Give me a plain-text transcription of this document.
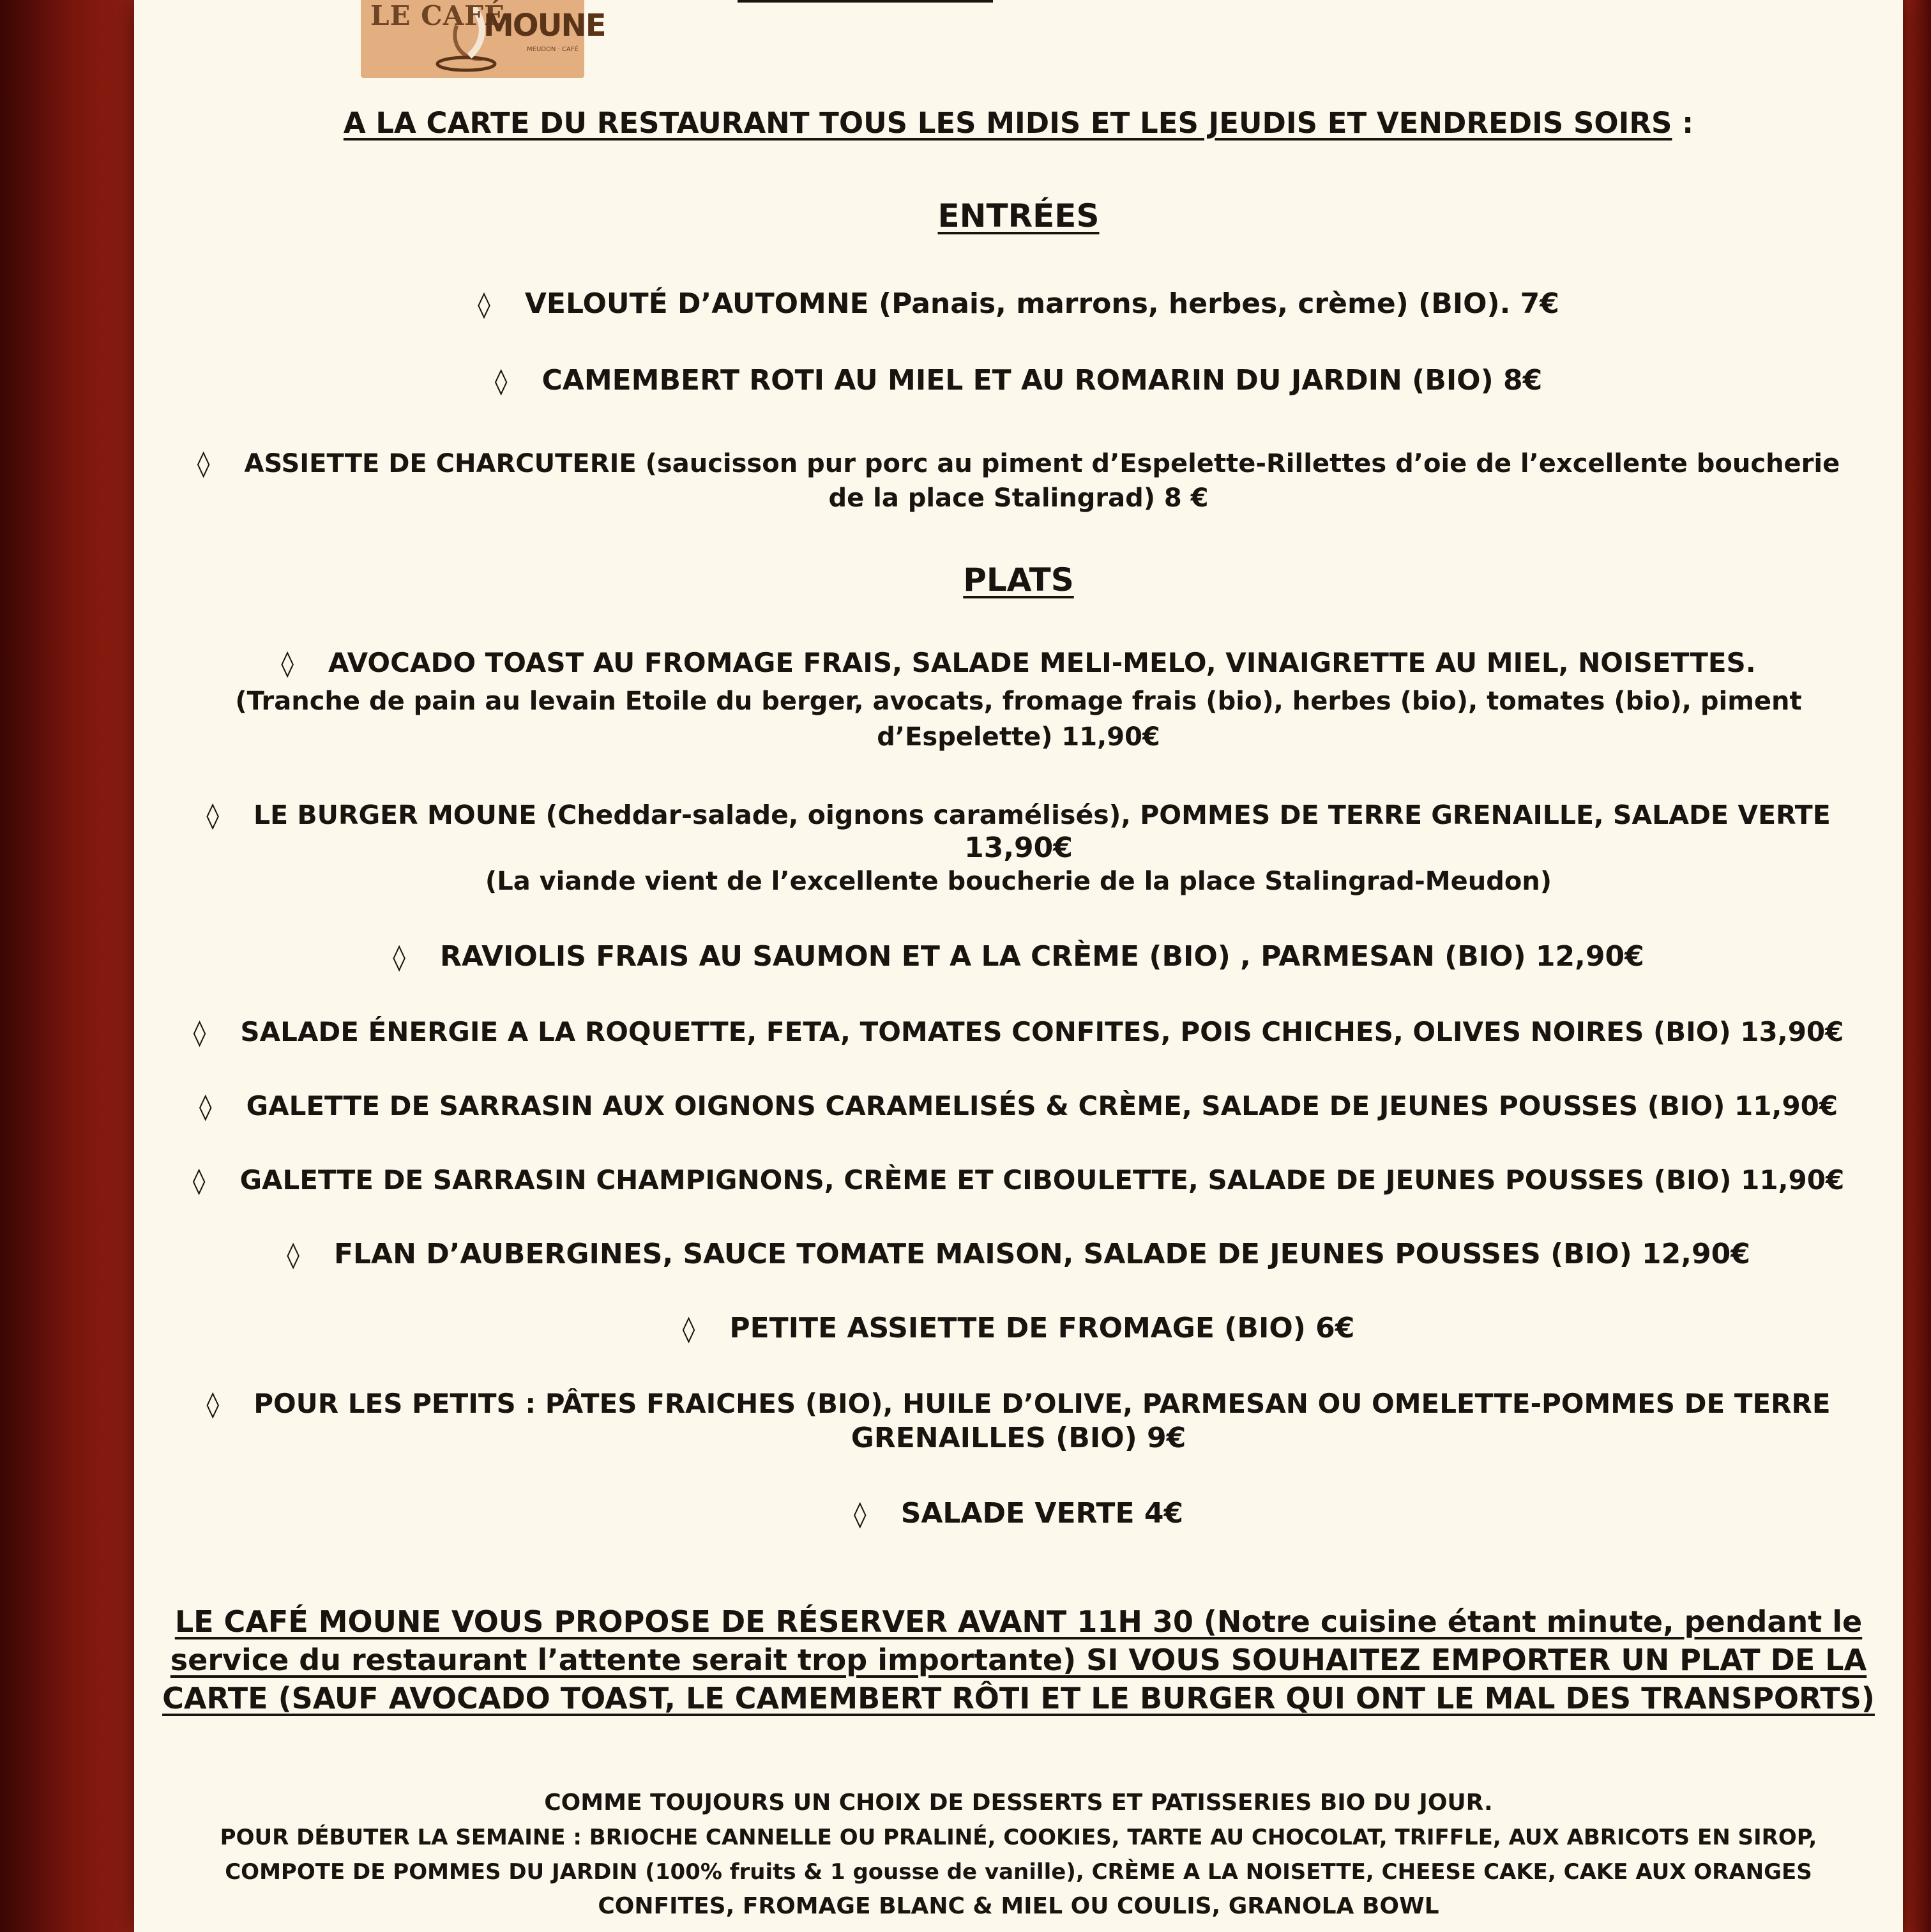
LE CAFÉ
MOUNE
MEUDON · CAFÉ
A LA CARTE DU RESTAURANT TOUS LES MIDIS ET LES JEUDIS ET VENDREDIS SOIRS :
ENTRÉES
◊ VELOUTÉ D’AUTOMNE (Panais, marrons, herbes, crème) (BIO). 7€
◊ CAMEMBERT ROTI AU MIEL ET AU ROMARIN DU JARDIN (BIO) 8€
◊ ASSIETTE DE CHARCUTERIE (saucisson pur porc au piment d’Espelette-Rillettes d’oie de l’excellente boucherie
de la place Stalingrad) 8 €
PLATS
◊ AVOCADO TOAST AU FROMAGE FRAIS, SALADE MELI-MELO, VINAIGRETTE AU MIEL, NOISETTES.
(Tranche de pain au levain Etoile du berger, avocats, fromage frais (bio), herbes (bio), tomates (bio), piment
d’Espelette) 11,90€
◊ LE BURGER MOUNE (Cheddar-salade, oignons caramélisés), POMMES DE TERRE GRENAILLE, SALADE VERTE
13,90€
(La viande vient de l’excellente boucherie de la place Stalingrad-Meudon)
◊ RAVIOLIS FRAIS AU SAUMON ET A LA CRÈME (BIO) , PARMESAN (BIO) 12,90€
◊ SALADE ÉNERGIE A LA ROQUETTE, FETA, TOMATES CONFITES, POIS CHICHES, OLIVES NOIRES (BIO) 13,90€
◊ GALETTE DE SARRASIN AUX OIGNONS CARAMELISÉS & CRÈME, SALADE DE JEUNES POUSSES (BIO) 11,90€
◊ GALETTE DE SARRASIN CHAMPIGNONS, CRÈME ET CIBOULETTE, SALADE DE JEUNES POUSSES (BIO) 11,90€
◊ FLAN D’AUBERGINES, SAUCE TOMATE MAISON, SALADE DE JEUNES POUSSES (BIO) 12,90€
◊ PETITE ASSIETTE DE FROMAGE (BIO) 6€
◊ POUR LES PETITS : PÂTES FRAICHES (BIO), HUILE D’OLIVE, PARMESAN OU OMELETTE-POMMES DE TERRE
GRENAILLES (BIO) 9€
◊ SALADE VERTE 4€
LE CAFÉ MOUNE VOUS PROPOSE DE RÉSERVER AVANT 11H 30 (Notre cuisine étant minute, pendant le
service du restaurant l’attente serait trop importante) SI VOUS SOUHAITEZ EMPORTER UN PLAT DE LA
CARTE (SAUF AVOCADO TOAST, LE CAMEMBERT RÔTI ET LE BURGER QUI ONT LE MAL DES TRANSPORTS)
COMME TOUJOURS UN CHOIX DE DESSERTS ET PATISSERIES BIO DU JOUR.
POUR DÉBUTER LA SEMAINE : BRIOCHE CANNELLE OU PRALINÉ, COOKIES, TARTE AU CHOCOLAT, TRIFFLE, AUX ABRICOTS EN SIROP,
COMPOTE DE POMMES DU JARDIN (100% fruits & 1 gousse de vanille), CRÈME A LA NOISETTE, CHEESE CAKE, CAKE AUX ORANGES
CONFITES, FROMAGE BLANC & MIEL OU COULIS, GRANOLA BOWL
